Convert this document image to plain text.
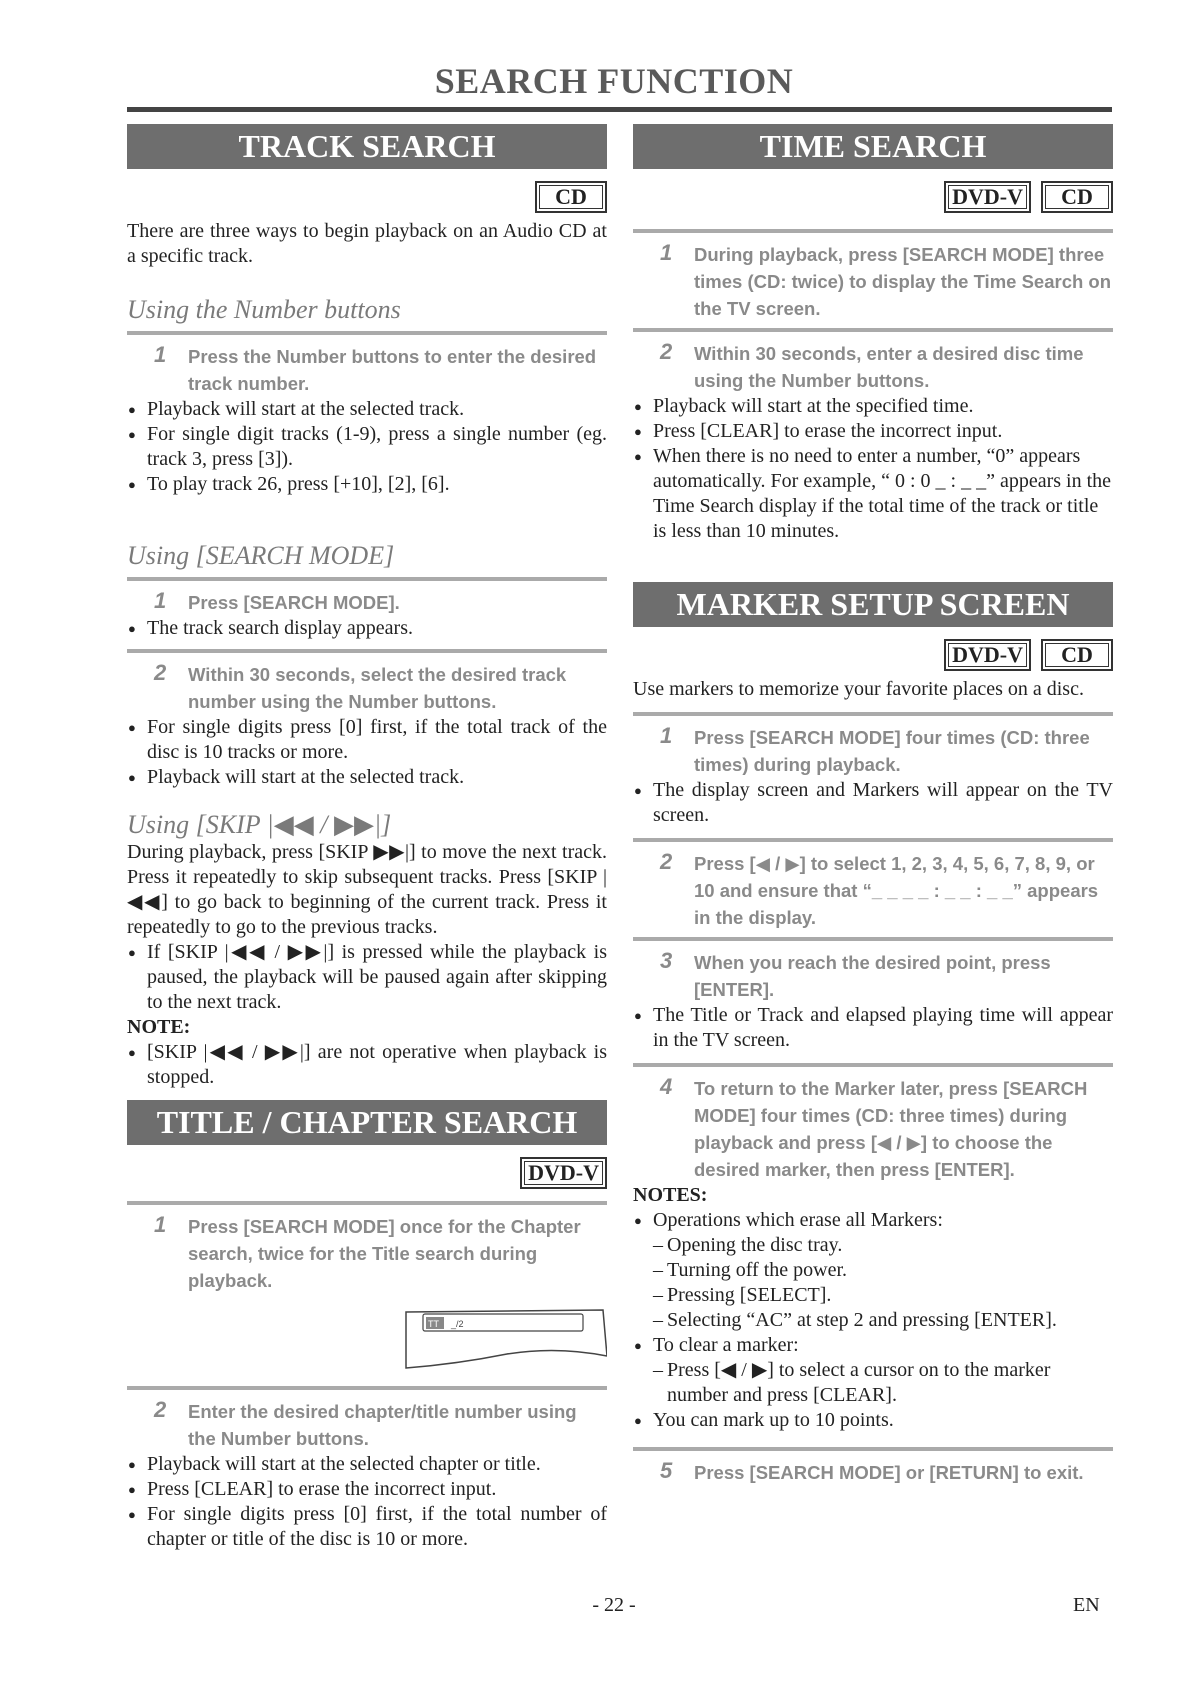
SEARCH FUNCTION
TRACK SEARCH
CD
There are three ways to begin playback on an Audio CD at a specific track.
Using the Number buttons
1 Press the Number buttons to enter the desired track number.
● Playback will start at the selected track.
● For single digit tracks (1-9), press a single number (eg. track 3, press [3]).
● To play track 26, press [+10], [2], [6].
Using [SEARCH MODE]
1 Press [SEARCH MODE].
● The track search display appears.
2 Within 30 seconds, select the desired track number using the Number buttons.
● For single digits press [0] first, if the total track of the disc is 10 tracks or more.
● Playback will start at the selected track.
Using [SKIP |◀◀ / ▶▶|]
During playback, press [SKIP ▶▶|] to move the next track. Press it repeatedly to skip subsequent tracks. Press [SKIP |◀◀] to go back to beginning of the current track. Press it repeatedly to go to the previous tracks.
● If [SKIP |◀◀ / ▶▶|] is pressed while the playback is paused, the playback will be paused again after skipping to the next track.
NOTE:
● [SKIP |◀◀ / ▶▶|] are not operative when playback is stopped.
TITLE / CHAPTER SEARCH
DVD-V
1 Press [SEARCH MODE] once for the Chapter search, twice for the Title search during playback.
TT _/2
2 Enter the desired chapter/title number using the Number buttons.
● Playback will start at the selected chapter or title.
● Press [CLEAR] to erase the incorrect input.
● For single digits press [0] first, if the total number of chapter or title of the disc is 10 or more.
TIME SEARCH
DVD-V CD
1 During playback, press [SEARCH MODE] three times (CD: twice) to display the Time Search on the TV screen.
2 Within 30 seconds, enter a desired disc time using the Number buttons.
● Playback will start at the specified time.
● Press [CLEAR] to erase the incorrect input.
● When there is no need to enter a number, “0” appears automatically. For example, “ 0 : 0 _ : _ _” appears in the Time Search display if the total time of the track or title is less than 10 minutes.
MARKER SETUP SCREEN
DVD-V CD
Use markers to memorize your favorite places on a disc.
1 Press [SEARCH MODE] four times (CD: three times) during playback.
● The display screen and Markers will appear on the TV screen.
2 Press [◀ / ▶] to select 1, 2, 3, 4, 5, 6, 7, 8, 9, or 10 and ensure that “_ _ _ _ : _ _ : _ _” appears in the display.
3 When you reach the desired point, press [ENTER].
● The Title or Track and elapsed playing time will appear in the TV screen.
4 To return to the Marker later, press [SEARCH MODE] four times (CD: three times) during playback and press [◀ / ▶] to choose the desired marker, then press [ENTER].
NOTES:
● Operations which erase all Markers:
– Opening the disc tray.
– Turning off the power.
– Pressing [SELECT].
– Selecting “AC” at step 2 and pressing [ENTER].
● To clear a marker:
– Press [◀ / ▶] to select a cursor on to the marker
number and press [CLEAR].
● You can mark up to 10 points.
5 Press [SEARCH MODE] or [RETURN] to exit.
- 22 -	EN
